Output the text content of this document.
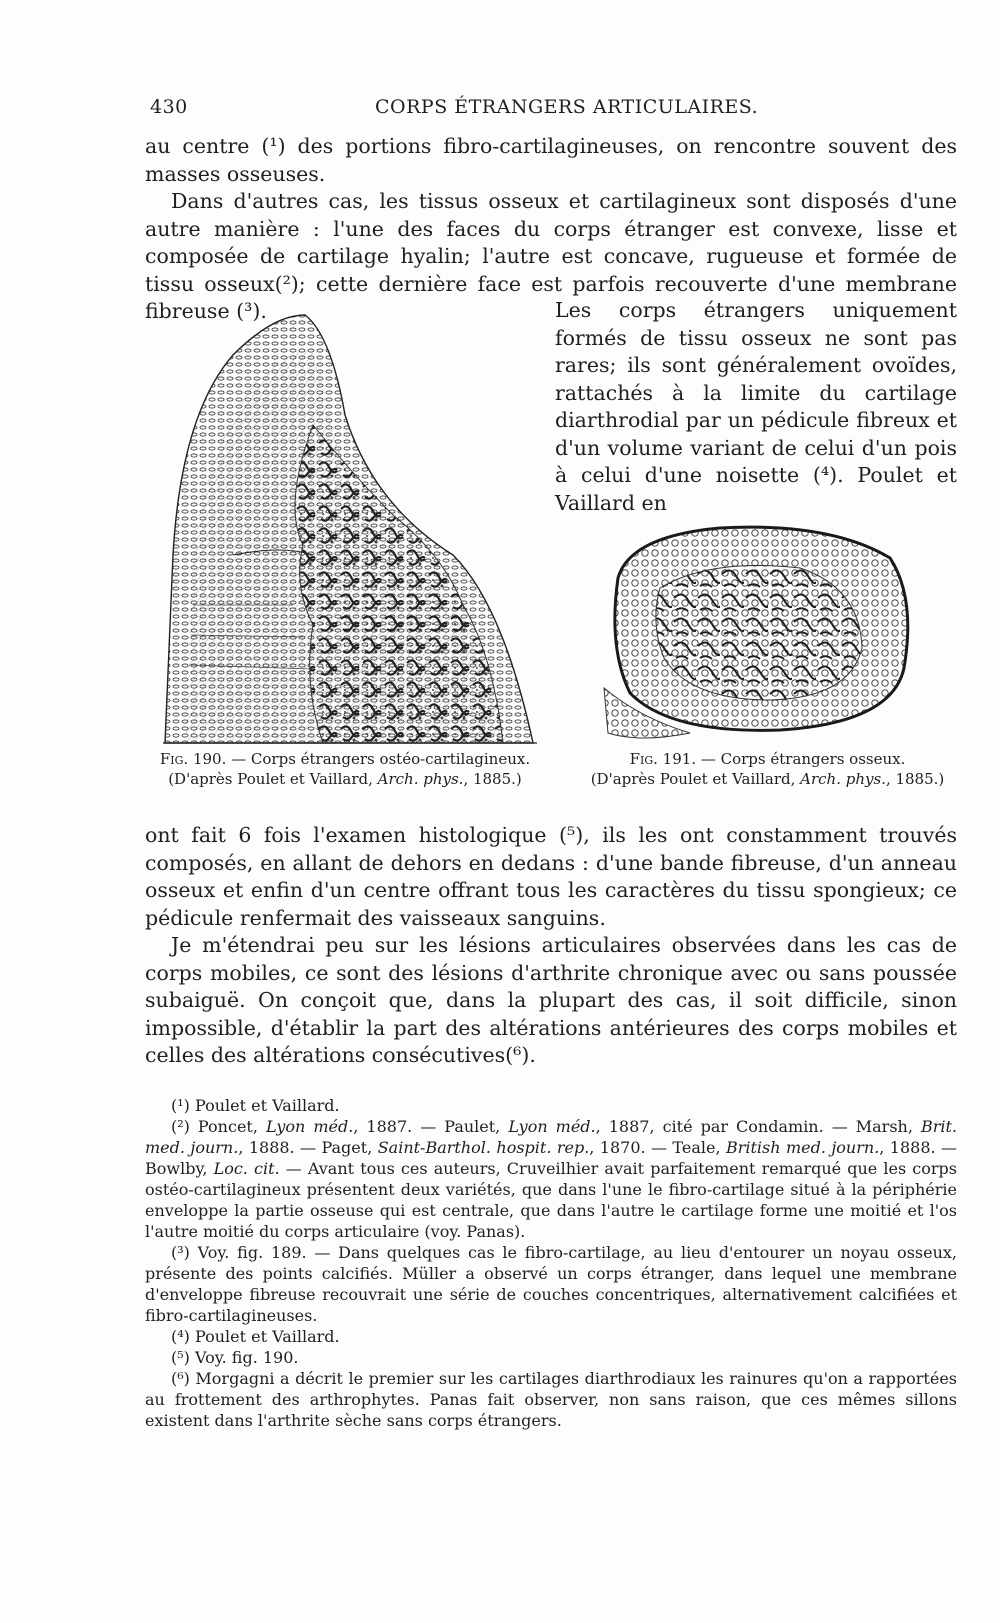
430	CORPS ÉTRANGERS ARTICULAIRES.

au centre (¹) des portions fibro-cartilagineuses, on rencontre souvent des masses osseuses.

Dans d'autres cas, les tissus osseux et cartilagineux sont disposés d'une autre manière : l'une des faces du corps étranger est convexe, lisse et composée de cartilage hyalin; l'autre est concave, rugueuse et formée de tissu osseux(²); cette dernière face est parfois recouverte d'une membrane fibreuse (³).	Les corps étrangers uniquement formés de tissu osseux ne sont pas rares; ils sont généralement ovoïdes, rattachés à la limite du cartilage diarthrodial par un pédicule fibreux et d'un volume variant de celui d'un pois à celui d'une noisette (⁴). Poulet et Vaillard en
Fig. 190. — Corps étrangers ostéo-cartilagineux.
(D'après Poulet et Vaillard, Arch. phys., 1885.)
Fig. 191. — Corps étrangers osseux.
(D'après Poulet et Vaillard, Arch. phys., 1885.)

ont fait 6 fois l'examen histologique (⁵), ils les ont constamment trouvés composés, en allant de dehors en dedans : d'une bande fibreuse, d'un anneau osseux et enfin d'un centre offrant tous les caractères du tissu spongieux; ce pédicule renfermait des vaisseaux sanguins.

Je m'étendrai peu sur les lésions articulaires observées dans les cas de corps mobiles, ce sont des lésions d'arthrite chronique avec ou sans poussée subaiguë. On conçoit que, dans la plupart des cas, il soit difficile, sinon impossible, d'établir la part des altérations antérieures des corps mobiles et celles des altérations consécutives(⁶).

(¹) Poulet et Vaillard.

(²) Poncet, Lyon méd., 1887. — Paulet, Lyon méd., 1887, cité par Condamin. — Marsh, Brit. med. journ., 1888. — Paget, Saint-Barthol. hospit. rep., 1870. — Teale, British med. journ., 1888. — Bowlby, Loc. cit. — Avant tous ces auteurs, Cruveilhier avait parfaitement remarqué que les corps ostéo-cartilagineux présentent deux variétés, que dans l'une le fibro-cartilage situé à la périphérie enveloppe la partie osseuse qui est centrale, que dans l'autre le cartilage forme une moitié et l'os l'autre moitié du corps articulaire (voy. Panas).

(³) Voy. fig. 189. — Dans quelques cas le fibro-cartilage, au lieu d'entourer un noyau osseux, présente des points calcifiés. Müller a observé un corps étranger, dans lequel une membrane d'enveloppe fibreuse recouvrait une série de couches concentriques, alternativement calcifiées et fibro-cartilagineuses.

(⁴) Poulet et Vaillard.

(⁵) Voy. fig. 190.

(⁶) Morgagni a décrit le premier sur les cartilages diarthrodiaux les rainures qu'on a rapportées au frottement des arthrophytes. Panas fait observer, non sans raison, que ces mêmes sillons existent dans l'arthrite sèche sans corps étrangers.
